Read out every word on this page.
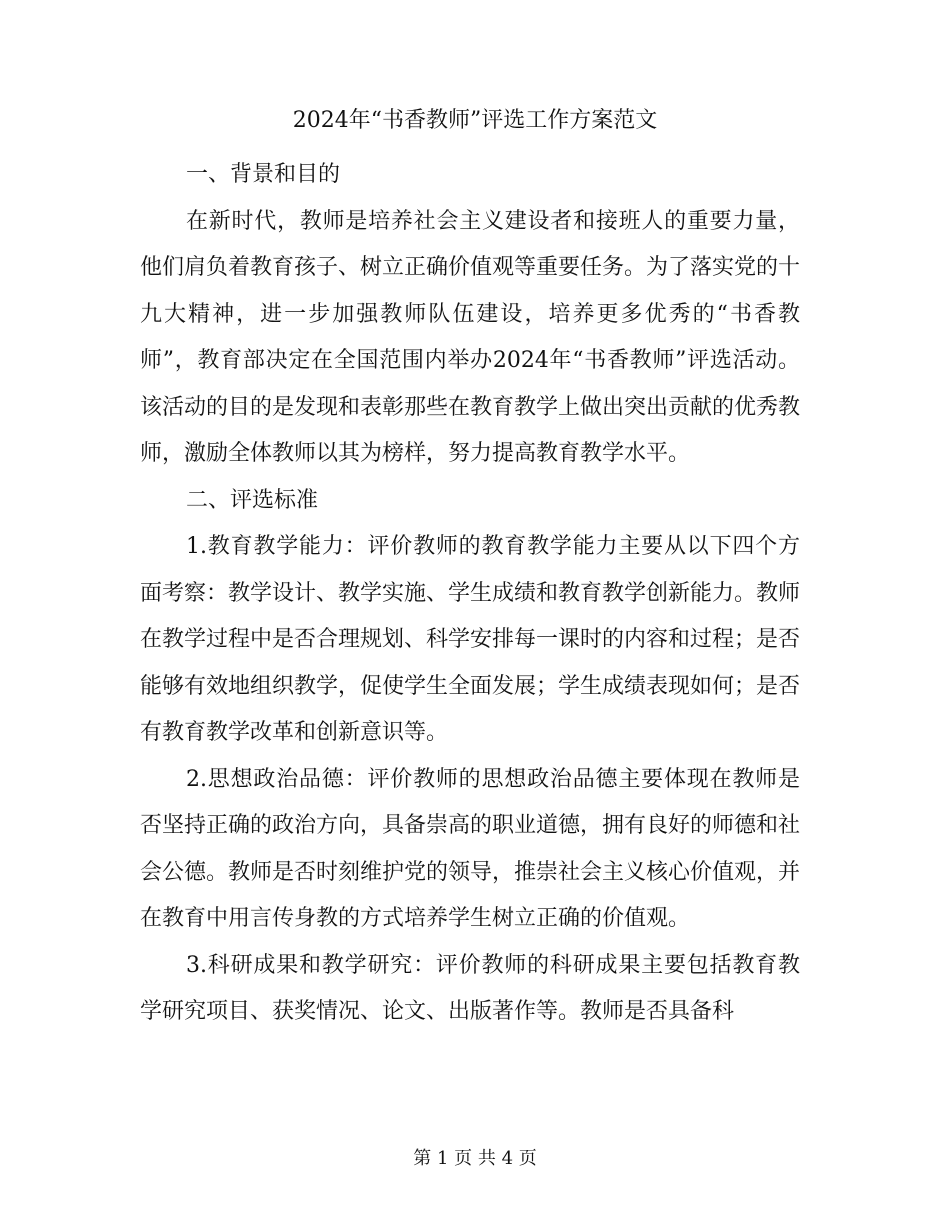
2024年“书香教师”评选工作方案范文

一、背景和目的

在新时代，教师是培养社会主义建设者和接班人的重要力量，他们肩负着教育孩子、树立正确价值观等重要任务。为了落实党的十九大精神，进一步加强教师队伍建设，培养更多优秀的“书香教师”，教育部决定在全国范围内举办2024年“书香教师”评选活动。该活动的目的是发现和表彰那些在教育教学上做出突出贡献的优秀教师，激励全体教师以其为榜样，努力提高教育教学水平。

二、评选标准

1.教育教学能力：评价教师的教育教学能力主要从以下四个方面考察：教学设计、教学实施、学生成绩和教育教学创新能力。教师在教学过程中是否合理规划、科学安排每一课时的内容和过程；是否能够有效地组织教学，促使学生全面发展；学生成绩表现如何；是否有教育教学改革和创新意识等。

2.思想政治品德：评价教师的思想政治品德主要体现在教师是否坚持正确的政治方向，具备崇高的职业道德，拥有良好的师德和社会公德。教师是否时刻维护党的领导，推崇社会主义核心价值观，并在教育中用言传身教的方式培养学生树立正确的价值观。

3.科研成果和教学研究：评价教师的科研成果主要包括教育教学研究项目、获奖情况、论文、出版著作等。教师是否具备科

第 1 页 共 4 页
